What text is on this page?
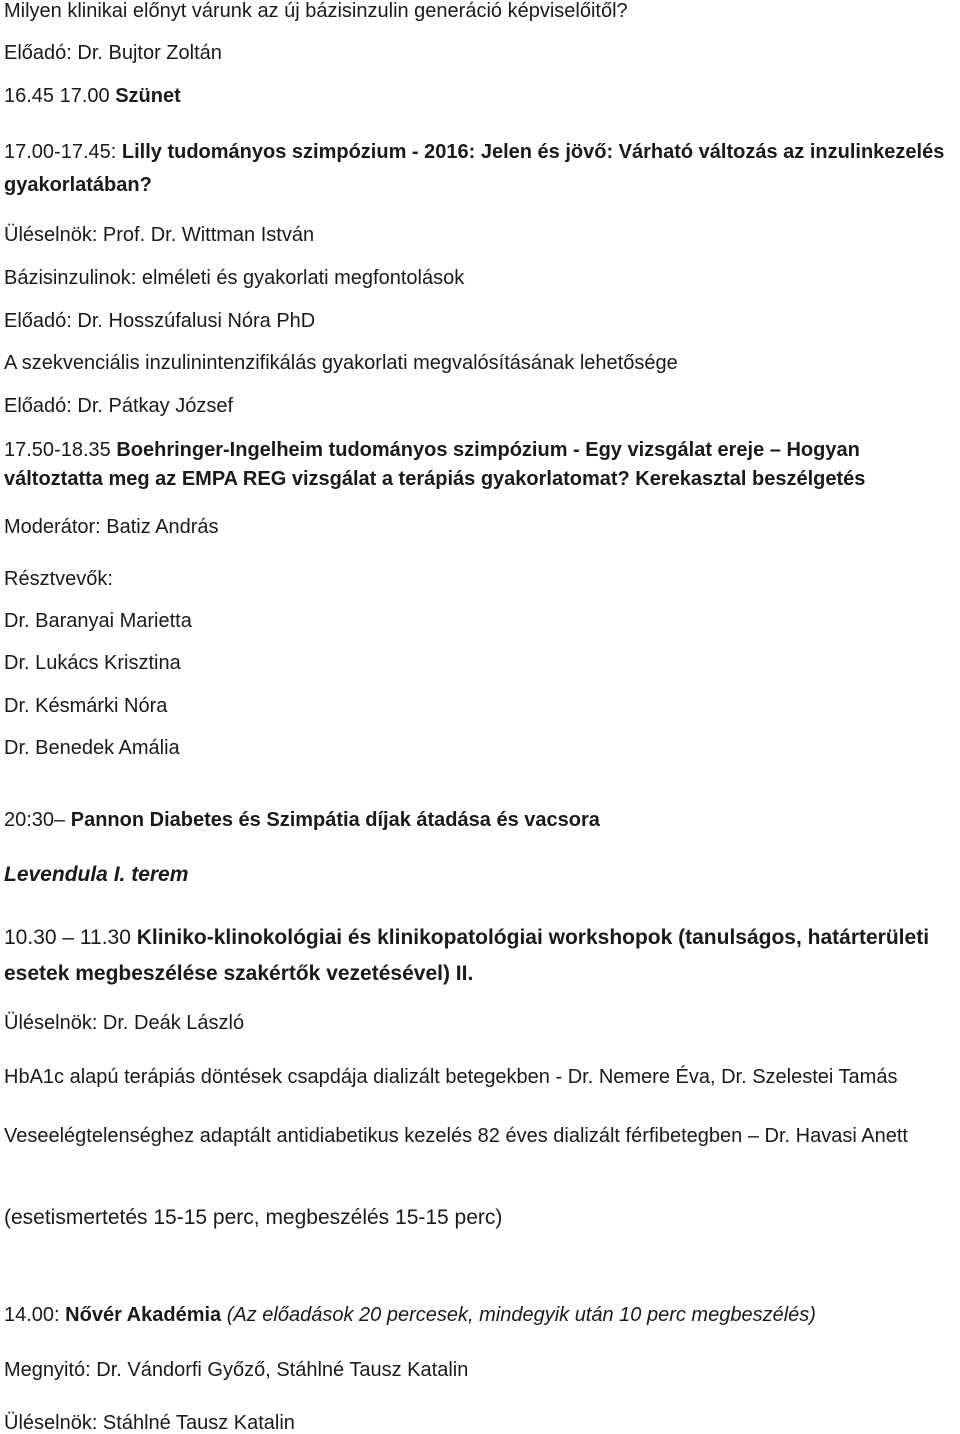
Milyen klinikai előnyt várunk az új bázisinzulin generáció képviselőitől?
Előadó: Dr. Bujtor Zoltán
16.45 17.00 Szünet
17.00-17.45: Lilly tudományos szimpózium - 2016: Jelen és jövő: Várható változás az inzulinkezelés gyakorlatában?
Üléselnök: Prof. Dr. Wittman István
Bázisinzulinok: elméleti és gyakorlati megfontolások
Előadó: Dr. Hosszúfalusi Nóra PhD
A szekvenciális inzulinintenzifikálás gyakorlati megvalósításának lehetősége
Előadó: Dr. Pátkay József
17.50-18.35 Boehringer-Ingelheim tudományos szimpózium - Egy vizsgálat ereje – Hogyan változtatta meg az EMPA REG vizsgálat a terápiás gyakorlatomat? Kerekasztal beszélgetés
Moderátor: Batiz András
Résztvevők:
Dr. Baranyai Marietta
Dr. Lukács Krisztina
Dr. Késmárki Nóra
Dr. Benedek Amália
20:30– Pannon Diabetes és Szimpátia díjak átadása és vacsora
Levendula I. terem
10.30 – 11.30 Kliniko-klinokológiai és klinikopatológiai workshopok (tanulságos, határterületi esetek megbeszélése szakértők vezetésével) II.
Üléselnök: Dr. Deák László
HbA1c alapú terápiás döntések csapdája dializált betegekben - Dr. Nemere Éva, Dr. Szelestei Tamás
Veseelégtelenséghez adaptált antidiabetikus kezelés 82 éves dializált férfibetegben – Dr. Havasi Anett
(esetismertetés 15-15 perc, megbeszélés 15-15 perc)
14.00: Nővér Akadémia (Az előadások 20 percesek, mindegyik után 10 perc megbeszélés)
Megnyitó: Dr. Vándorfi Győző, Stáhlné Tausz Katalin
Üléselnök: Stáhlné Tausz Katalin
